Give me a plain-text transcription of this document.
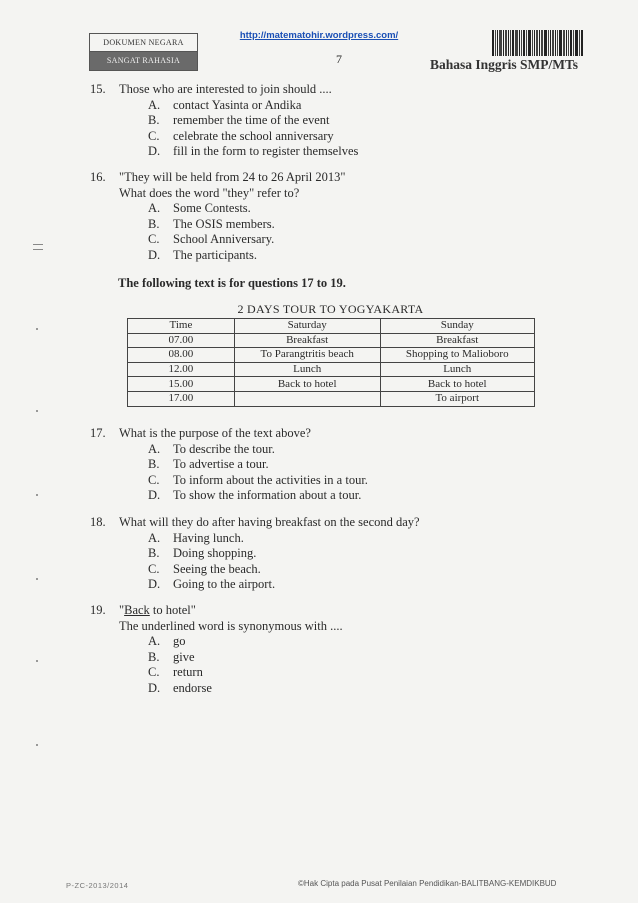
http://matematohir.wordpress.com/
DOKUMEN NEGARA
SANGAT RAHASIA	7	Bahasa Inggris SMP/MTs
15. Those who are interested to join should ....
A. contact Yasinta or Andika
B. remember the time of the event
C. celebrate the school anniversary
D. fill in the form to register themselves
16. "They will be held from 24 to 26 April 2013"
What does the word "they" refer to?
A. Some Contests.
B. The OSIS members.
C. School Anniversary.
D. The participants.
The following text is for questions 17 to 19.
2 DAYS TOUR TO YOGYAKARTA
Time	Saturday	Sunday
07.00	Breakfast	Breakfast
08.00	To Parangtritis beach	Shopping to Malioboro
12.00	Lunch	Lunch
15.00	Back to hotel	Back to hotel
17.00		To airport
17. What is the purpose of the text above?
A. To describe the tour.
B. To advertise a tour.
C. To inform about the activities in a tour.
D. To show the information about a tour.
18. What will they do after having breakfast on the second day?
A. Having lunch.
B. Doing shopping.
C. Seeing the beach.
D. Going to the airport.
19. "Back to hotel"
The underlined word is synonymous with ....
A. go
B. give
C. return
D. endorse
P-ZC-2013/2014	©Hak Cipta pada Pusat Penilaian Pendidikan-BALITBANG-KEMDIKBUD
